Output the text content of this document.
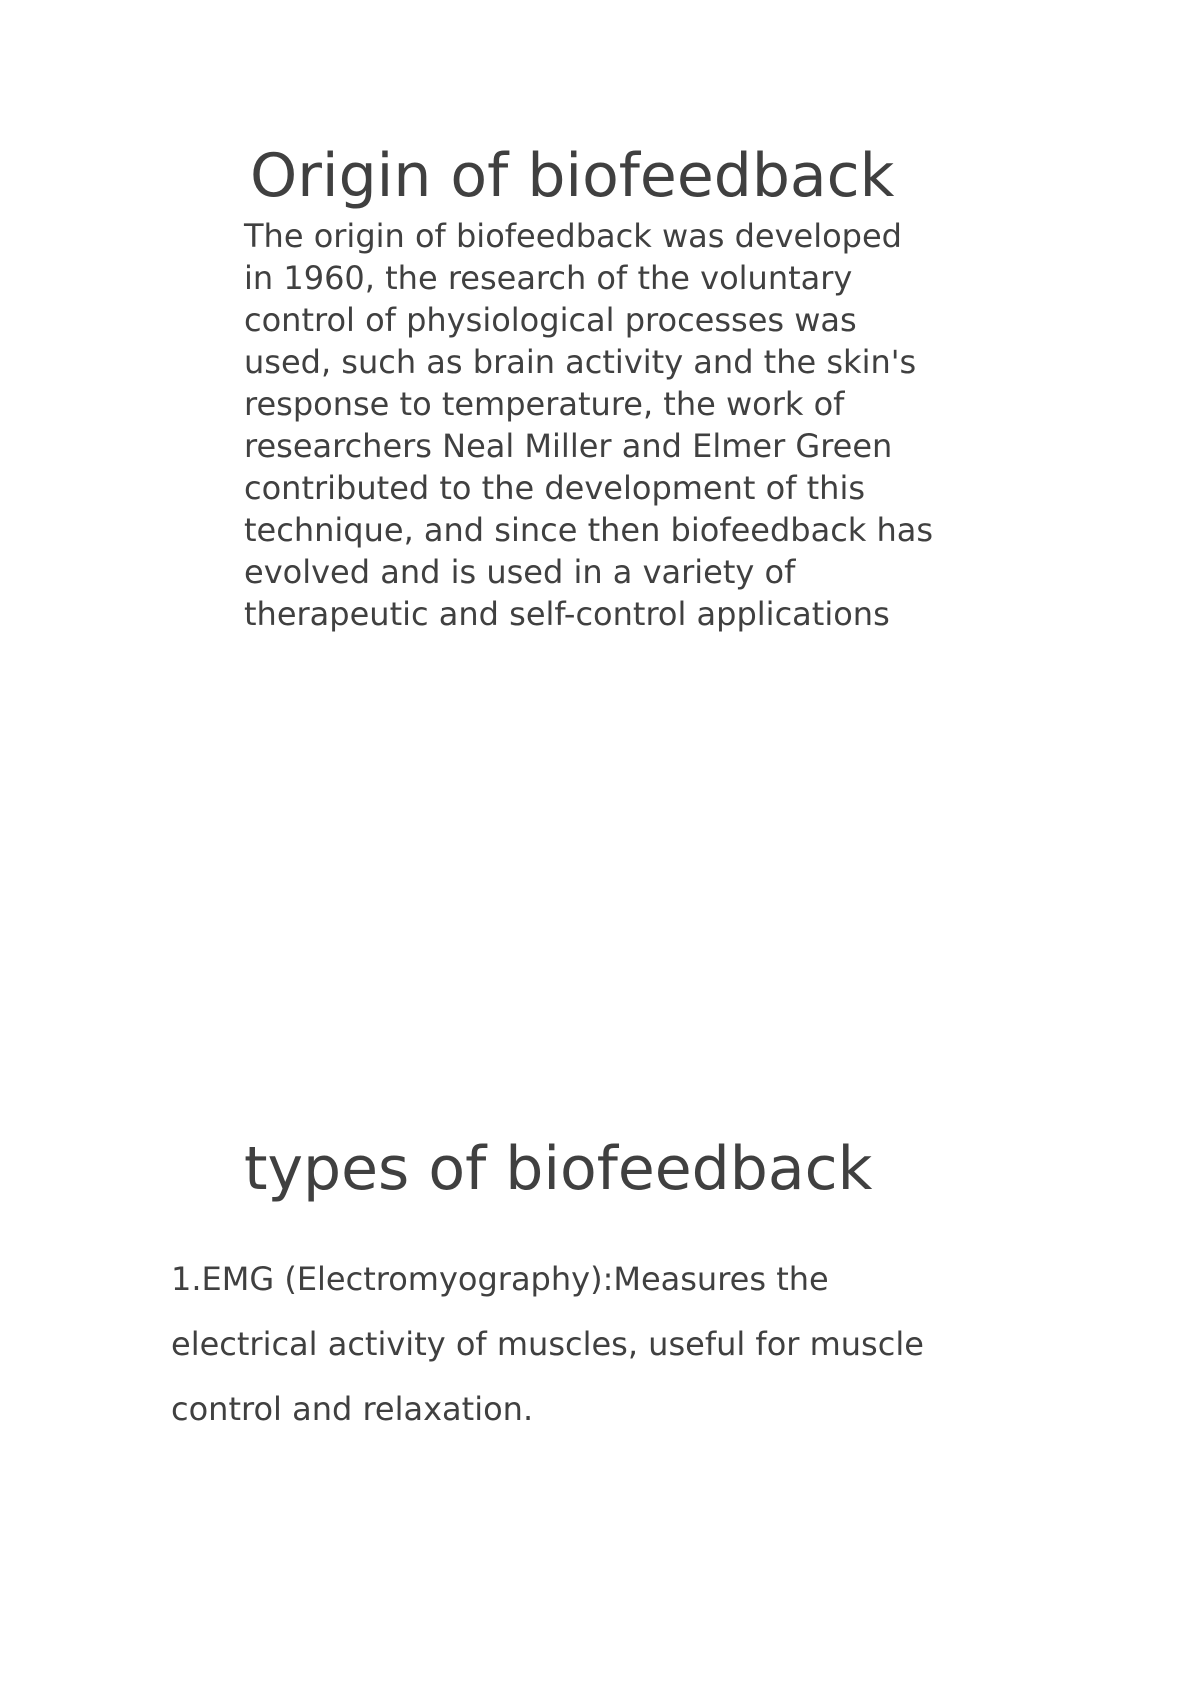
Origin of biofeedback

The origin of biofeedback was developed
in 1960, the research of the voluntary
control of physiological processes was
used, such as brain activity and the skin's
response to temperature, the work of
researchers Neal Miller and Elmer Green
contributed to the development of this
technique, and since then biofeedback has
evolved and is used in a variety of
therapeutic and self-control applications

types of biofeedback

1.EMG (Electromyography):Measures the
electrical activity of muscles, useful for muscle
control and relaxation.
